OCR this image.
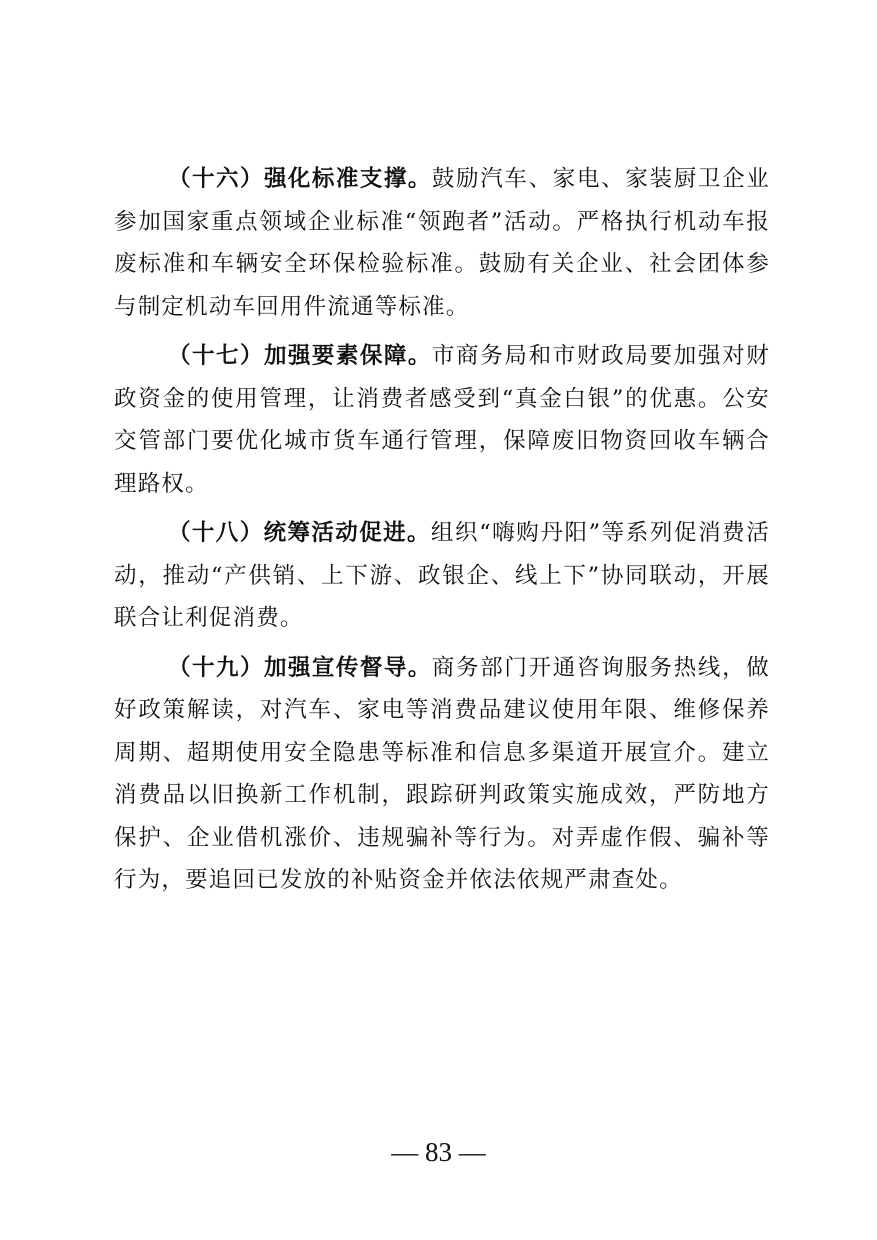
（十六）强化标准支撑。鼓励汽车、家电、家装厨卫企业参加国家重点领域企业标准“领跑者”活动。严格执行机动车报废标准和车辆安全环保检验标准。鼓励有关企业、社会团体参与制定机动车回用件流通等标准。

（十七）加强要素保障。市商务局和市财政局要加强对财政资金的使用管理，让消费者感受到“真金白银”的优惠。公安交管部门要优化城市货车通行管理，保障废旧物资回收车辆合理路权。

（十八）统筹活动促进。组织“嗨购丹阳”等系列促消费活动，推动“产供销、上下游、政银企、线上下”协同联动，开展联合让利促消费。

（十九）加强宣传督导。商务部门开通咨询服务热线，做好政策解读，对汽车、家电等消费品建议使用年限、维修保养周期、超期使用安全隐患等标准和信息多渠道开展宣介。建立消费品以旧换新工作机制，跟踪研判政策实施成效，严防地方保护、企业借机涨价、违规骗补等行为。对弄虚作假、骗补等行为，要追回已发放的补贴资金并依法依规严肃查处。

— 83 —
